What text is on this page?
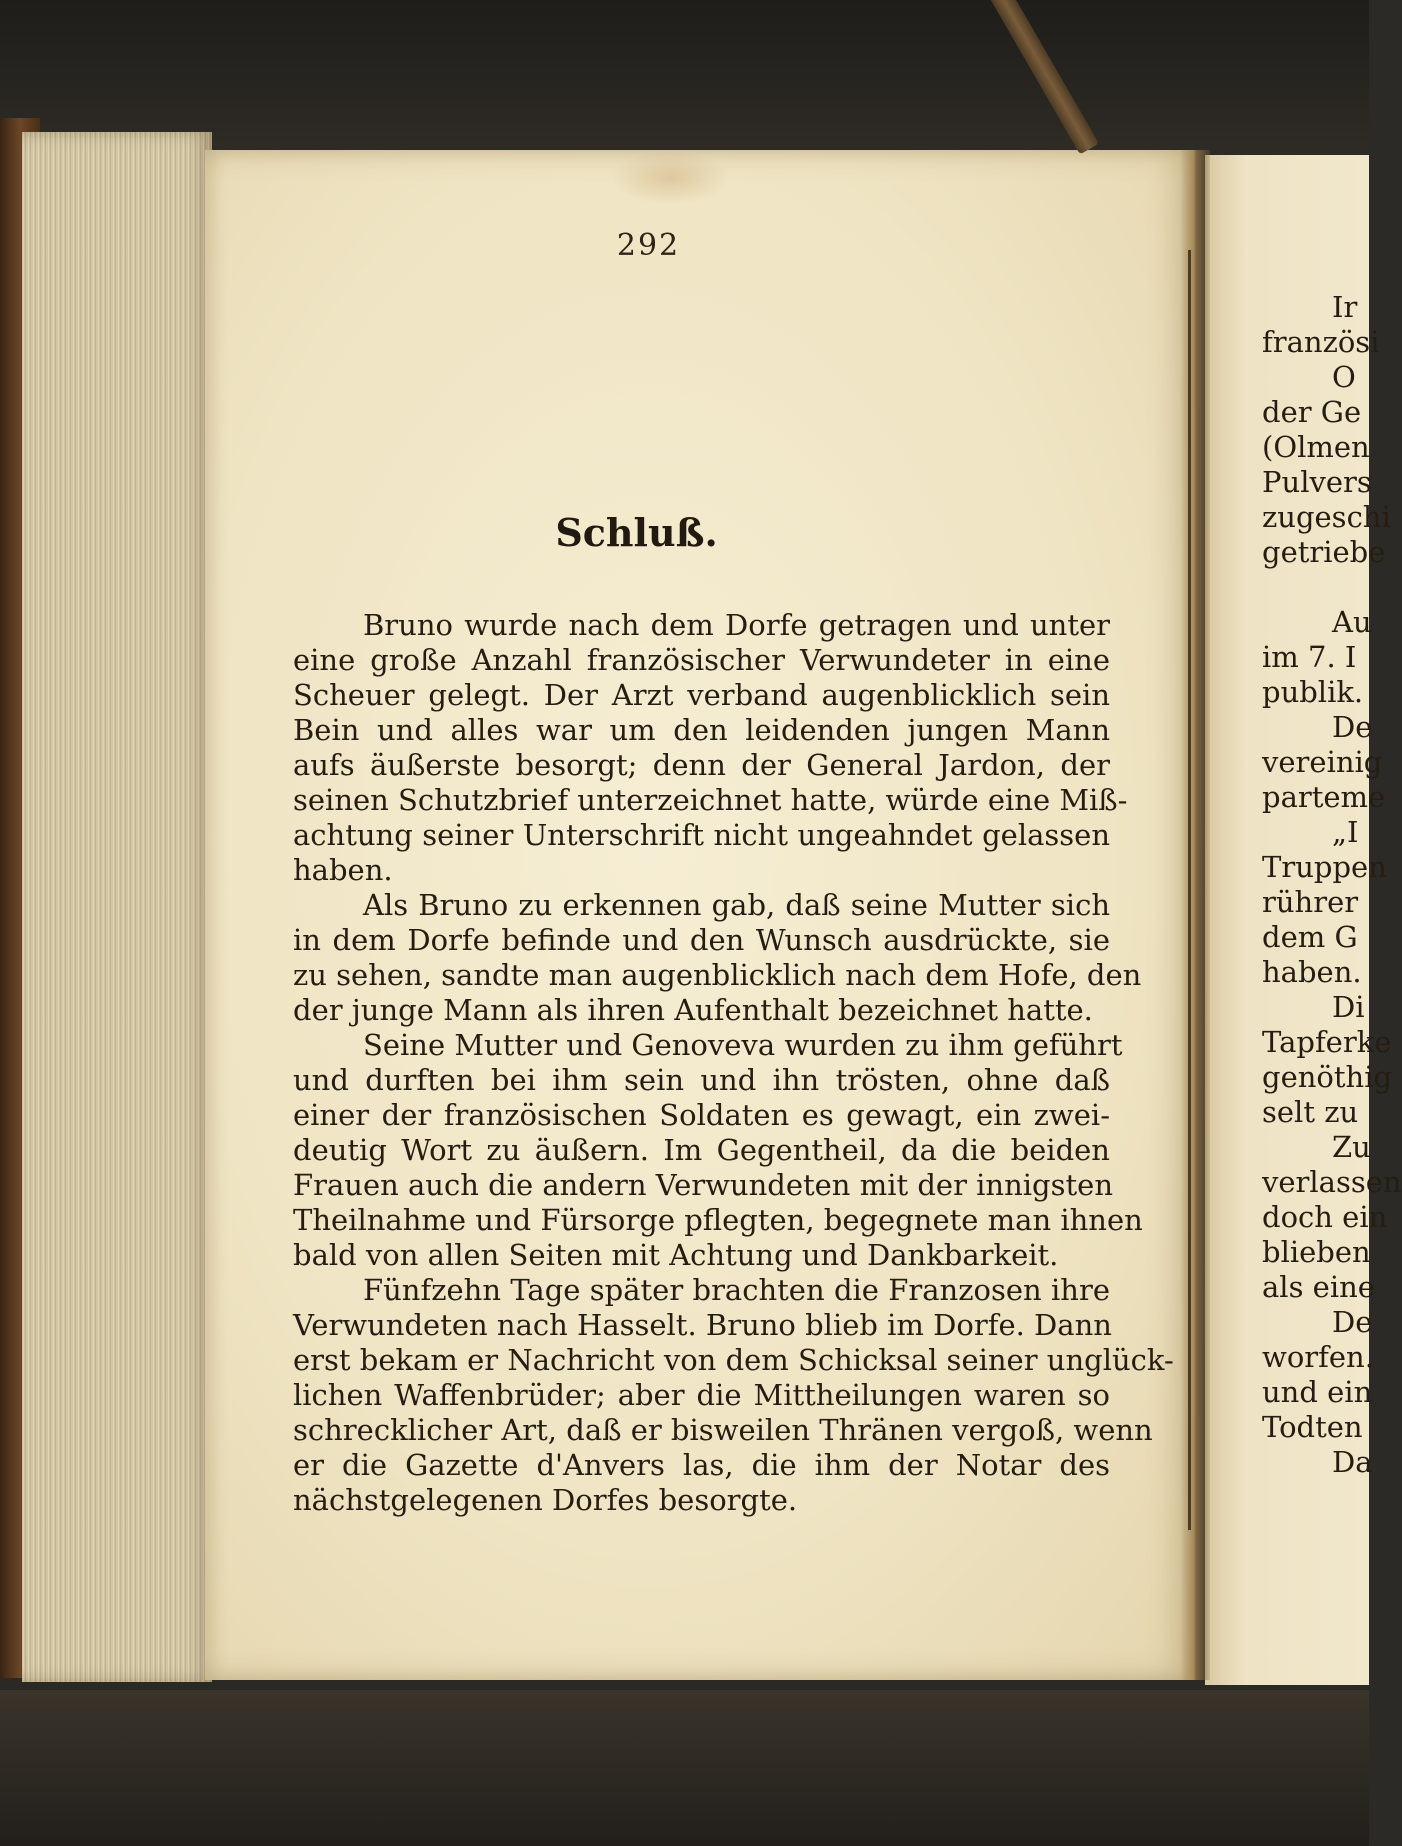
292
Schluß.
Bruno wurde nach dem Dorfe getragen und unter
eine große Anzahl französischer Verwundeter in eine
Scheuer gelegt. Der Arzt verband augenblicklich sein
Bein und alles war um den leidenden jungen Mann
aufs äußerste besorgt; denn der General Jardon, der
seinen Schutzbrief unterzeichnet hatte, würde eine Miß-
achtung seiner Unterschrift nicht ungeahndet gelassen
haben.
Als Bruno zu erkennen gab, daß seine Mutter sich
in dem Dorfe befinde und den Wunsch ausdrückte, sie
zu sehen, sandte man augenblicklich nach dem Hofe, den
der junge Mann als ihren Aufenthalt bezeichnet hatte.
Seine Mutter und Genoveva wurden zu ihm geführt
und durften bei ihm sein und ihn trösten, ohne daß
einer der französischen Soldaten es gewagt, ein zwei-
deutig Wort zu äußern. Im Gegentheil, da die beiden
Frauen auch die andern Verwundeten mit der innigsten
Theilnahme und Fürsorge pflegten, begegnete man ihnen
bald von allen Seiten mit Achtung und Dankbarkeit.
Fünfzehn Tage später brachten die Franzosen ihre
Verwundeten nach Hasselt. Bruno blieb im Dorfe. Dann
erst bekam er Nachricht von dem Schicksal seiner unglück-
lichen Waffenbrüder; aber die Mittheilungen waren so
schrecklicher Art, daß er bisweilen Thränen vergoß, wenn
er die Gazette d'Anvers las, die ihm der Notar des
nächstgelegenen Dorfes besorgte.
Ir
französi
O
der Ge
(Olmen
Pulvers
zugeschi
getriebe
Au
im 7. I
publik.
De
vereinig
parteme
„I
Truppen
rührer
dem G
haben.
Di
Tapferke
genöthig
selt zu
Zu
verlassen
doch ein
blieben
als eine
De
worfen.
und ein
Todten
Da
